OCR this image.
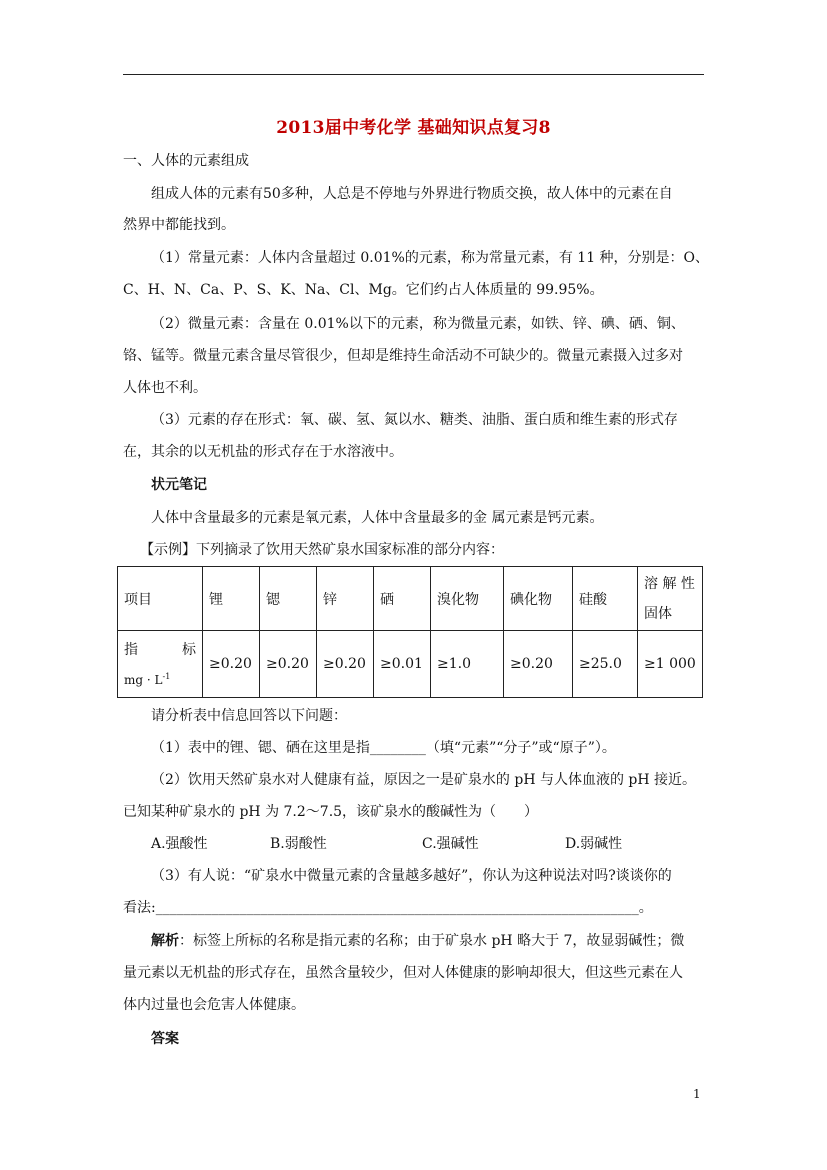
2013届中考化学 基础知识点复习8
一、人体的元素组成
组成人体的元素有50多种，人总是不停地与外界进行物质交换，故人体中的元素在自
然界中都能找到。
（1）常量元素：人体内含量超过 0.01%的元素，称为常量元素，有 11 种，分别是：O、
C、H、N、Ca、P、S、K、Na、Cl、Mg。它们约占人体质量的 99.95%。
（2）微量元素：含量在 0.01%以下的元素，称为微量元素，如铁、锌、碘、硒、铜、
铬、锰等。微量元素含量尽管很少，但却是维持生命活动不可缺少的。微量元素摄入过多对
人体也不利。
（3）元素的存在形式：氧、碳、氢、氮以水、糖类、油脂、蛋白质和维生素的形式存
在，其余的以无机盐的形式存在于水溶液中。
状元笔记
人体中含量最多的元素是氧元素，人体中含量最多的金 属元素是钙元素。
【示例】下列摘录了饮用天然矿泉水国家标准的部分内容：
项目	锂	锶	锌	硒	溴化物	碘化物	硅酸	溶 解 性
固体

指 标
mg · $L^{-1}$	≥0.20	≥0.20	≥0.20	≥0.01	≥1.0	≥0.20	≥25.0	≥1 000
请分析表中信息回答以下问题：
（1）表中的锂、锶、硒在这里是指________（填“元素”“分子”或“原子”）。
（2）饮用天然矿泉水对人健康有益，原因之一是矿泉水的 pH 与人体血液的 pH 接近。
已知某种矿泉水的 pH 为 7.2～7.5，该矿泉水的酸碱性为（　　）
A.强酸性	B.弱酸性	C.强碱性	D.弱碱性
（3）有人说：“矿泉水中微量元素的含量越多越好”，你认为这种说法对吗?谈谈你的
看法:_____________________________________________________________________。
解析：标签上所标的名称是指元素的名称；由于矿泉水 pH 略大于 7，故显弱碱性；微
量元素以无机盐的形式存在，虽然含量较少，但对人体健康的影响却很大，但这些元素在人
体内过量也会危害人体健康。
答案
1
